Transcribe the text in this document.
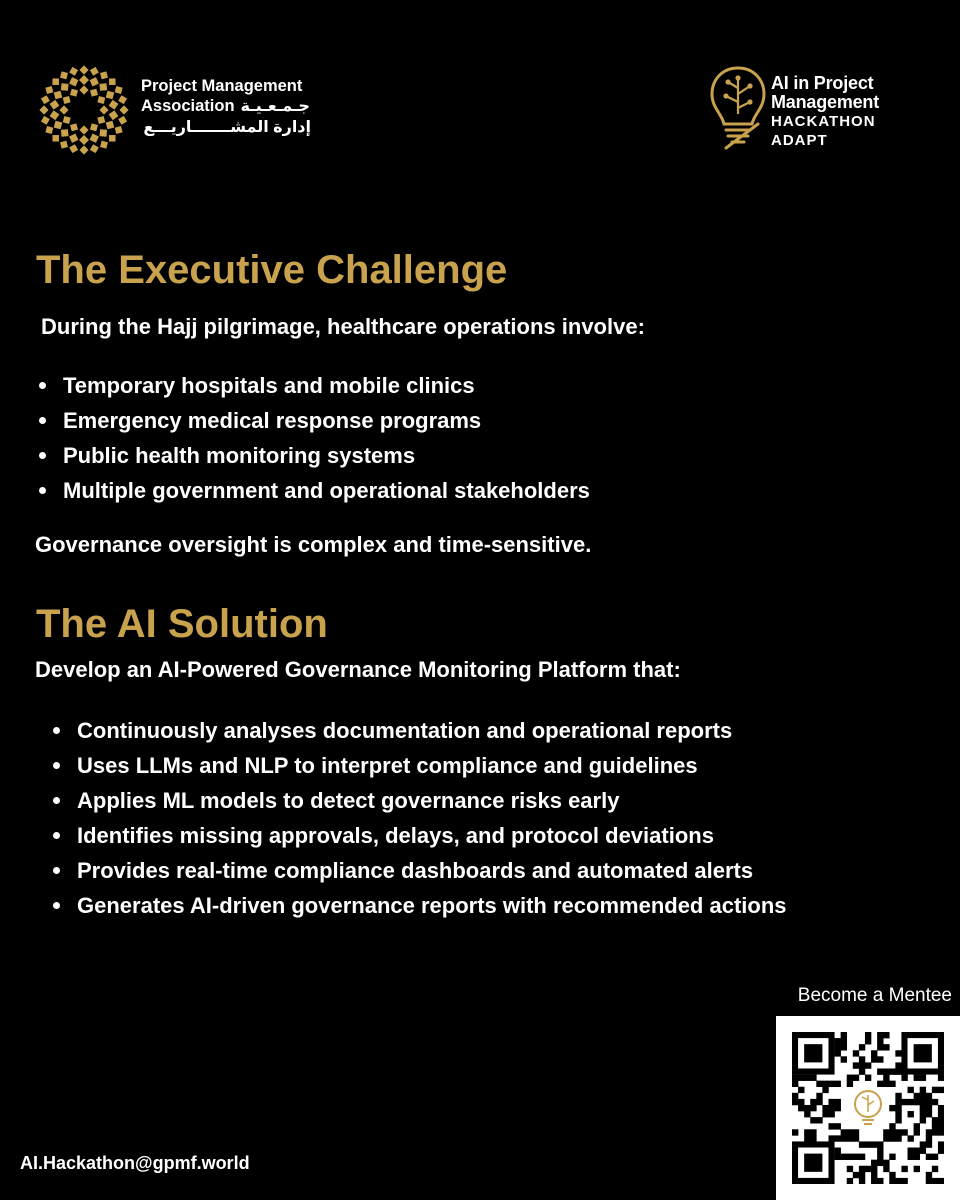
Project Management
Association جـمـعـيـة
إدارة المشـــــــاريـــع
AI in Project
Management
HACKATHON
ADAPT
The Executive Challenge

During the Hajj pilgrimage, healthcare operations involve:

Temporary hospitals and mobile clinics
Emergency medical response programs
Public health monitoring systems
Multiple government and operational stakeholders

Governance oversight is complex and time-sensitive.

The AI Solution

Develop an AI-Powered Governance Monitoring Platform that:

Continuously analyses documentation and operational reports
Uses LLMs and NLP to interpret compliance and guidelines
Applies ML models to detect governance risks early
Identifies missing approvals, delays, and protocol deviations
Provides real-time compliance dashboards and automated alerts
Generates AI-driven governance reports with recommended actions
AI.Hackathon@gpmf.world
Become a Mentee
